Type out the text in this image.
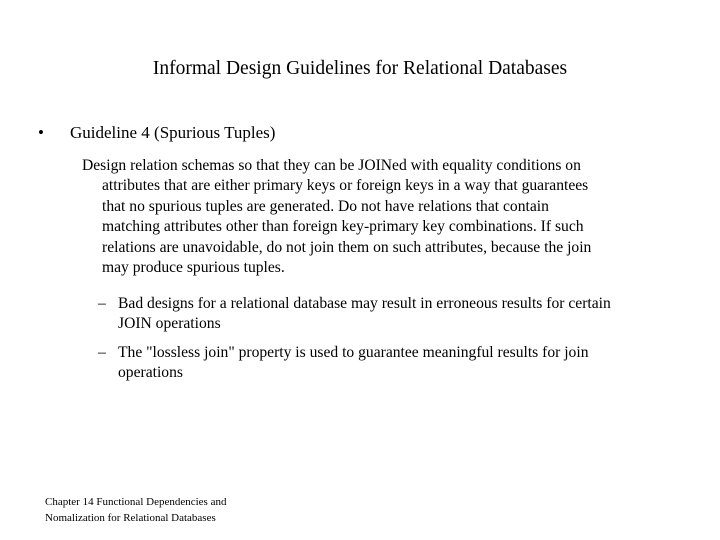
Informal Design Guidelines for Relational Databases
• Guideline 4 (Spurious Tuples)
Design relation schemas so that they can be JOINed with equality conditions on
attributes that are either primary keys or foreign keys in a way that guarantees
that no spurious tuples are generated. Do not have relations that contain
matching attributes other than foreign key-primary key combinations. If such
relations are unavoidable, do not join them on such attributes, because the join
may produce spurious tuples.
– Bad designs for a relational database may result in erroneous results for certain
JOIN operations
– The "lossless join" property is used to guarantee meaningful results for join
operations
Chapter 14 Functional Dependencies and
Nomalization for Relational Databases
